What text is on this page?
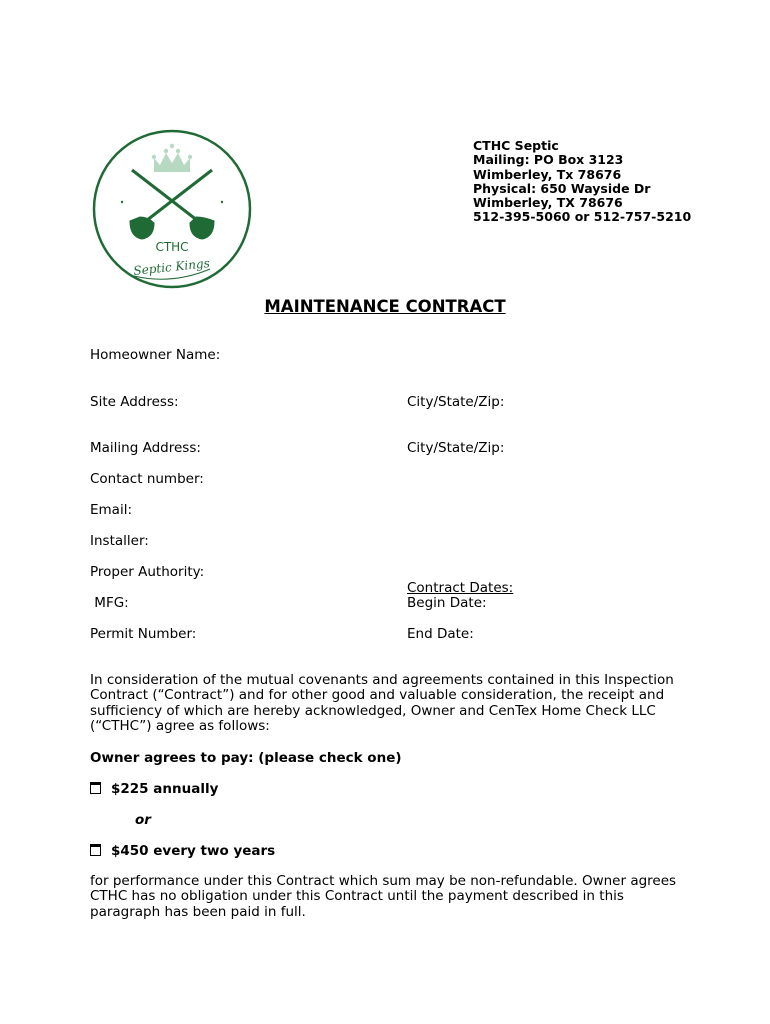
CTHC
Septic Kings
CTHC Septic
Mailing: PO Box 3123
Wimberley, Tx 78676
Physical: 650 Wayside Dr
Wimberley, TX 78676
512-395-5060 or 512-757-5210
MAINTENANCE CONTRACT
Homeowner Name:
Site Address:	City/State/Zip:
Mailing Address:	City/State/Zip:
Contact number:
Email:
Installer:
Proper Authority:
Contract Dates:
MFG:	Begin Date:
Permit Number:	End Date:
In consideration of the mutual covenants and agreements contained in this Inspection Contract (“Contract”) and for other good and valuable consideration, the receipt and sufficiency of which are hereby acknowledged, Owner and CenTex Home Check LLC (“CTHC”) agree as follows:
Owner agrees to pay: (please check one)
$225 annually
or
$450 every two years
for performance under this Contract which sum may be non-refundable. Owner agrees CTHC has no obligation under this Contract until the payment described in this paragraph has been paid in full.
